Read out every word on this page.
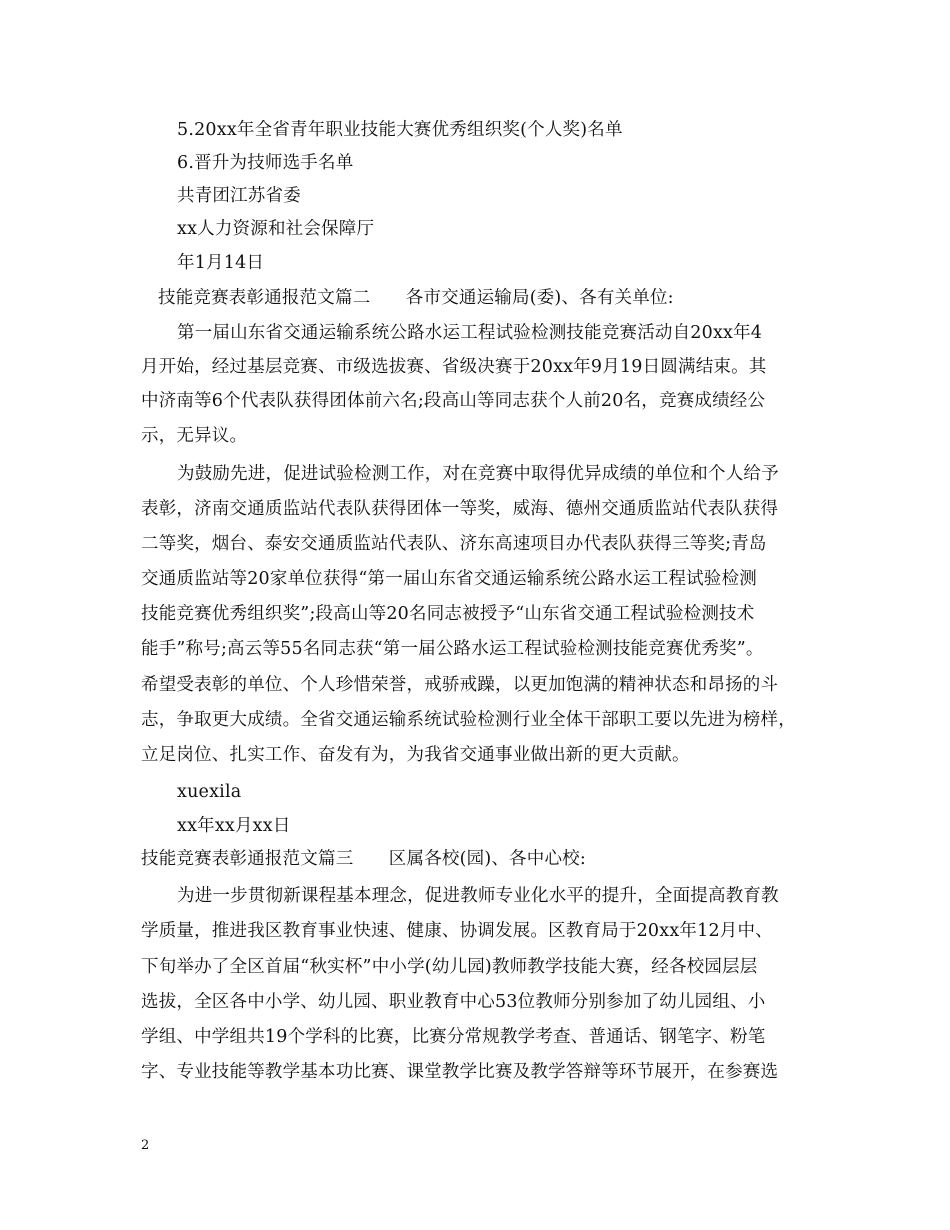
5.20xx年全省青年职业技能大赛优秀组织奖(个人奖)名单
6.晋升为技师选手名单
共青团江苏省委
xx人力资源和社会保障厅
年1月14日
技能竞赛表彰通报范文篇二　　各市交通运输局(委)、各有关单位:
第一届山东省交通运输系统公路水运工程试验检测技能竞赛活动自20xx年4
月开始，经过基层竞赛、市级选拔赛、省级决赛于20xx年9月19日圆满结束。其
中济南等6个代表队获得团体前六名;段高山等同志获个人前20名，竞赛成绩经公
示，无异议。
为鼓励先进，促进试验检测工作，对在竞赛中取得优异成绩的单位和个人给予
表彰，济南交通质监站代表队获得团体一等奖，威海、德州交通质监站代表队获得
二等奖，烟台、泰安交通质监站代表队、济东高速项目办代表队获得三等奖;青岛
交通质监站等20家单位获得“第一届山东省交通运输系统公路水运工程试验检测
技能竞赛优秀组织奖”;段高山等20名同志被授予“山东省交通工程试验检测技术
能手”称号;高云等55名同志获“第一届公路水运工程试验检测技能竞赛优秀奖”。
希望受表彰的单位、个人珍惜荣誉，戒骄戒躁，以更加饱满的精神状态和昂扬的斗
志，争取更大成绩。全省交通运输系统试验检测行业全体干部职工要以先进为榜样，
立足岗位、扎实工作、奋发有为，为我省交通事业做出新的更大贡献。
xuexila
xx年xx月xx日
技能竞赛表彰通报范文篇三　　区属各校(园)、各中心校:
为进一步贯彻新课程基本理念，促进教师专业化水平的提升，全面提高教育教
学质量，推进我区教育事业快速、健康、协调发展。区教育局于20xx年12月中、
下旬举办了全区首届“秋实杯”中小学(幼儿园)教师教学技能大赛，经各校园层层
选拔，全区各中小学、幼儿园、职业教育中心53位教师分别参加了幼儿园组、小
学组、中学组共19个学科的比赛，比赛分常规教学考查、普通话、钢笔字、粉笔
字、专业技能等教学基本功比赛、课堂教学比赛及教学答辩等环节展开，在参赛选
2
